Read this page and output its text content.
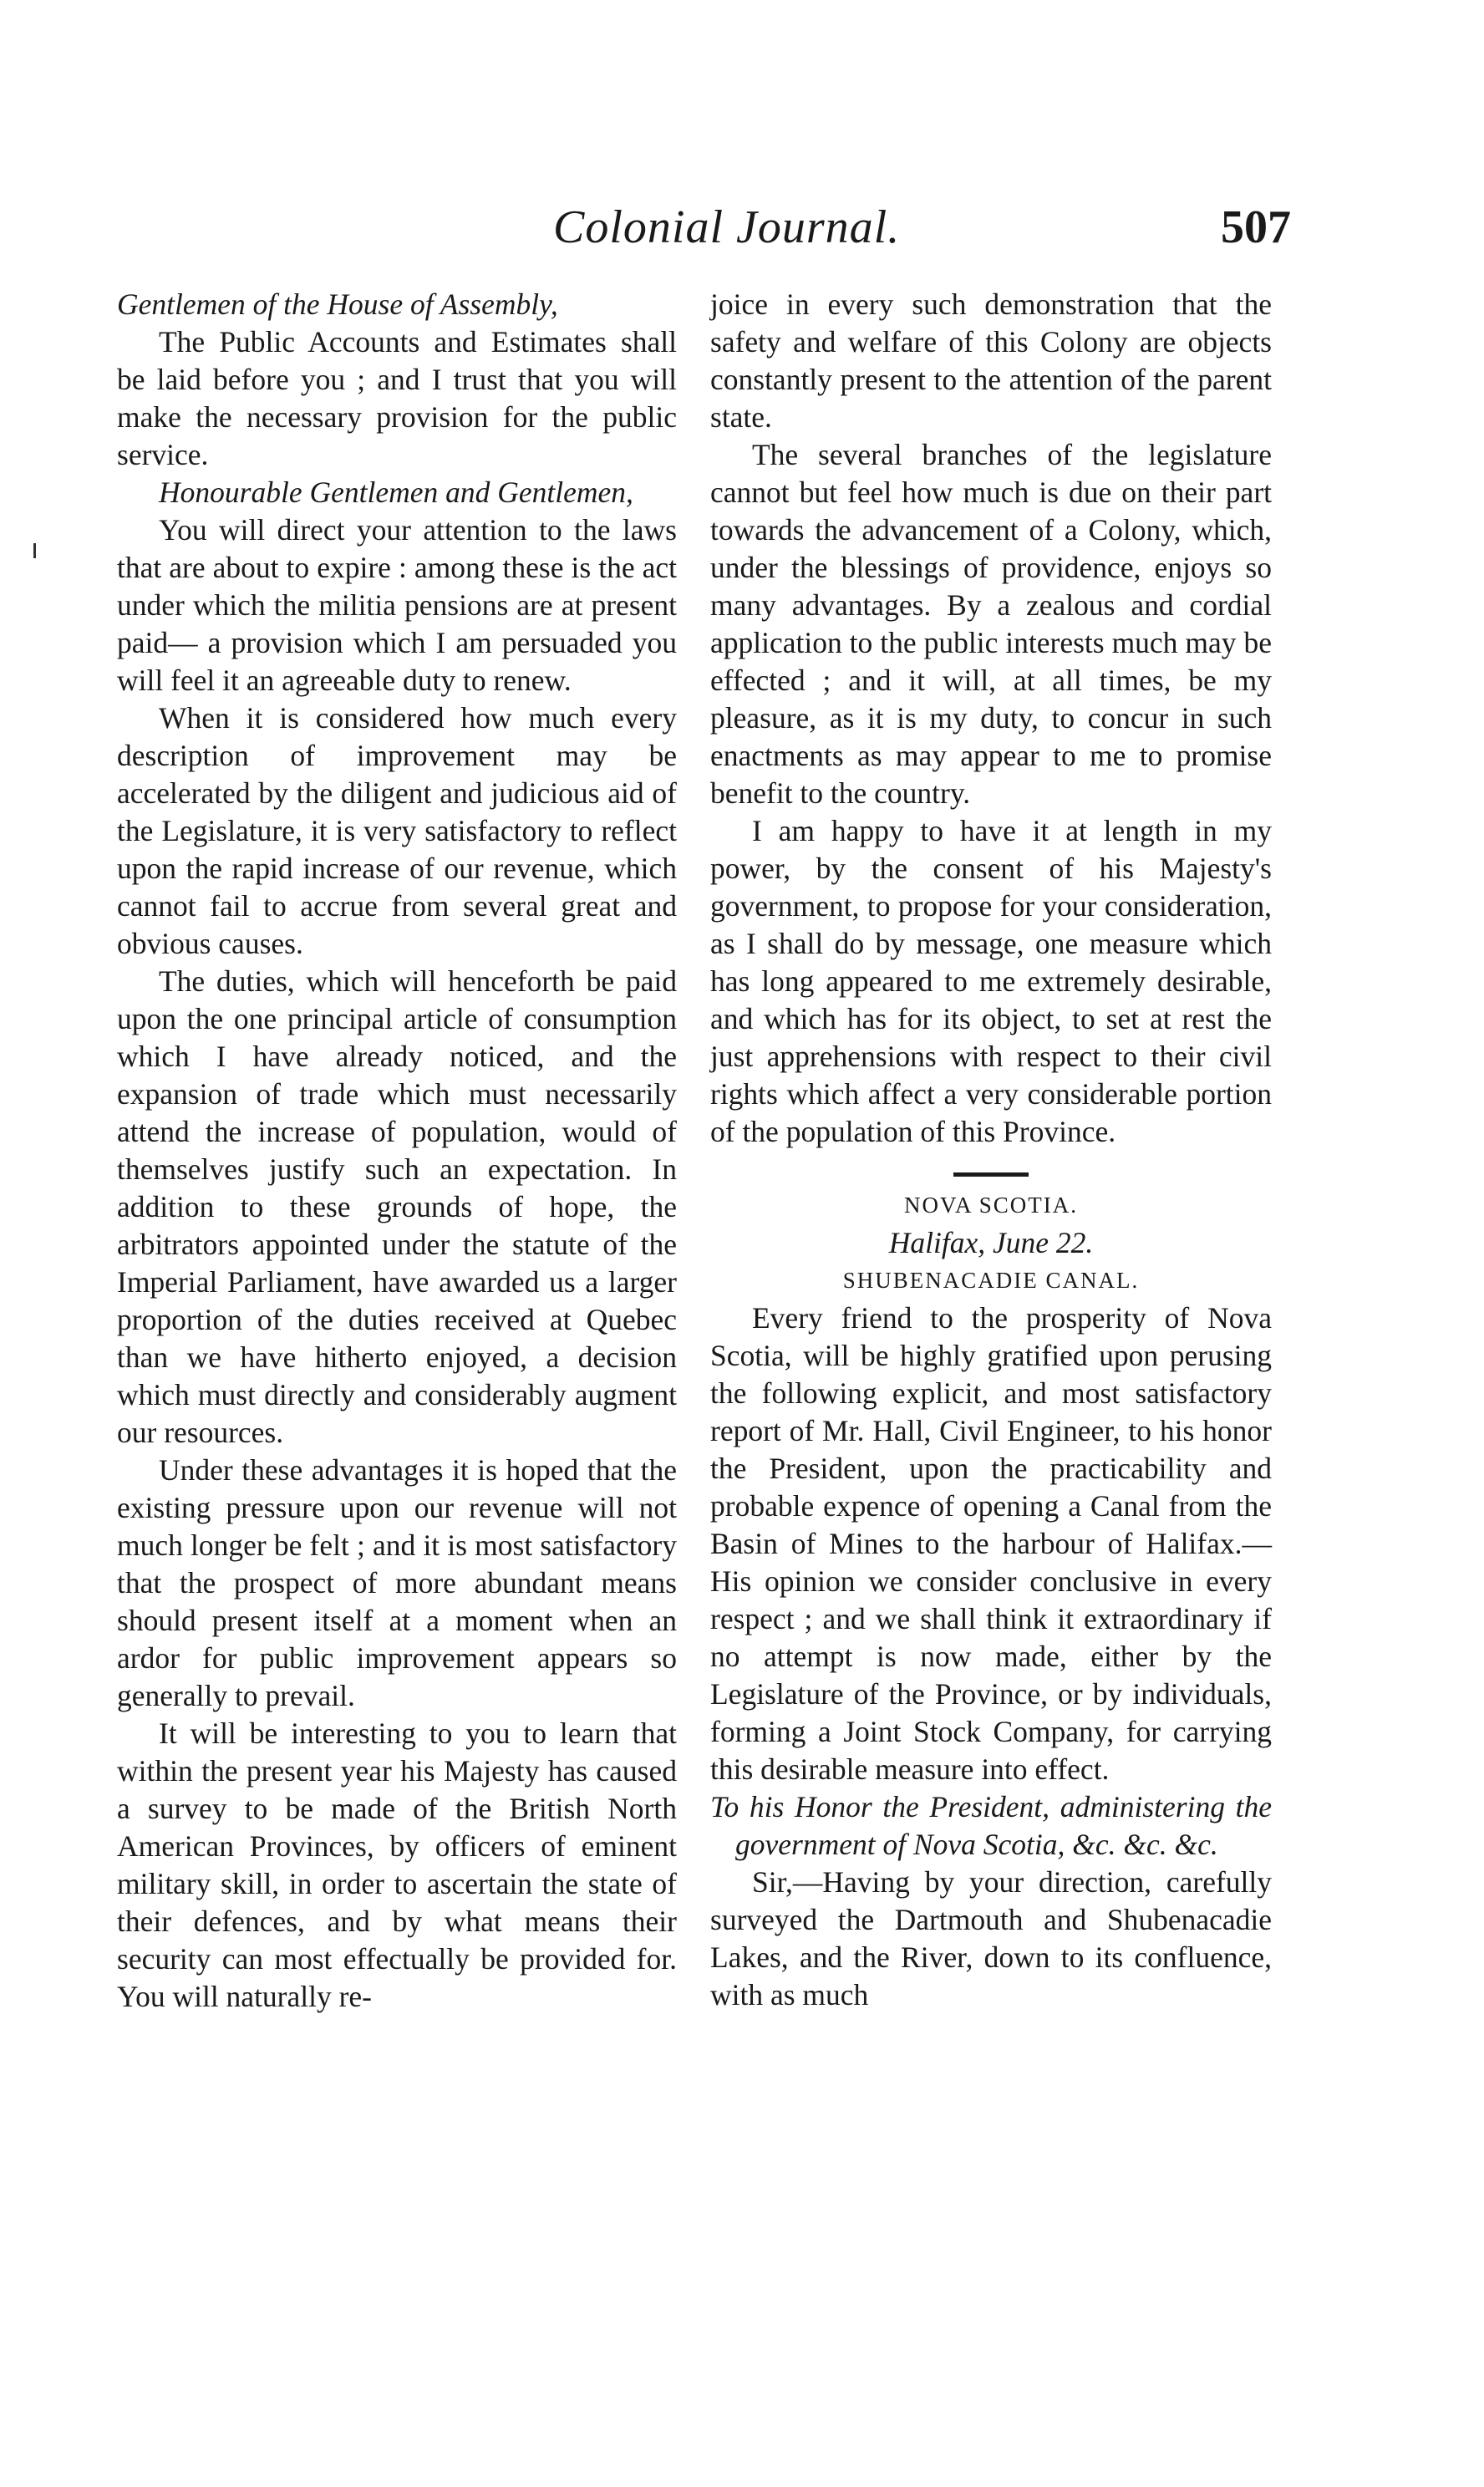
Colonial Journal.	507

Gentlemen of the House of Assembly,

The Public Accounts and Estimates shall be laid before you ; and I trust that you will make the necessary provision for the public service.

Honourable Gentlemen and Gentlemen,

You will direct your attention to the laws that are about to expire : among these is the act under which the militia pensions are at present paid— a provision which I am persuaded you will feel it an agreeable duty to renew.

When it is considered how much every description of improvement may be accelerated by the diligent and judicious aid of the Legislature, it is very satisfactory to reflect upon the rapid increase of our revenue, which cannot fail to accrue from several great and obvious causes.

The duties, which will henceforth be paid upon the one principal article of consumption which I have already noticed, and the expansion of trade which must necessarily attend the increase of population, would of themselves justify such an expectation. In addition to these grounds of hope, the arbitrators appointed under the statute of the Imperial Parliament, have awarded us a larger proportion of the duties received at Quebec than we have hitherto enjoyed, a decision which must directly and considerably augment our resources.

Under these advantages it is hoped that the existing pressure upon our revenue will not much longer be felt ; and it is most satisfactory that the prospect of more abundant means should present itself at a moment when an ardor for public improvement appears so generally to prevail.

It will be interesting to you to learn that within the present year his Majesty has caused a survey to be made of the British North American Provinces, by officers of eminent military skill, in order to ascertain the state of their defences, and by what means their security can most effectually be provided for. You will naturally re-

joice in every such demonstration that the safety and welfare of this Colony are objects constantly present to the attention of the parent state.

The several branches of the legislature cannot but feel how much is due on their part towards the advancement of a Colony, which, under the blessings of providence, enjoys so many advantages. By a zealous and cordial application to the public interests much may be effected ; and it will, at all times, be my pleasure, as it is my duty, to concur in such enactments as may appear to me to promise benefit to the country.

I am happy to have it at length in my power, by the consent of his Majesty's government, to propose for your consideration, as I shall do by message, one measure which has long appeared to me extremely desirable, and which has for its object, to set at rest the just apprehensions with respect to their civil rights which affect a very considerable portion of the population of this Province.

NOVA SCOTIA.

Halifax, June 22.

SHUBENACADIE CANAL.

Every friend to the prosperity of Nova Scotia, will be highly gratified upon perusing the following explicit, and most satisfactory report of Mr. Hall, Civil Engineer, to his honor the President, upon the practicability and probable expence of opening a Canal from the Basin of Mines to the harbour of Halifax.—His opinion we consider conclusive in every respect ; and we shall think it extraordinary if no attempt is now made, either by the Legislature of the Province, or by individuals, forming a Joint Stock Company, for carrying this desirable measure into effect.

To his Honor the President, administering the government of Nova Scotia, &c. &c. &c.

Sir,—Having by your direction, carefully surveyed the Dartmouth and Shubenacadie Lakes, and the River, down to its confluence, with as much
